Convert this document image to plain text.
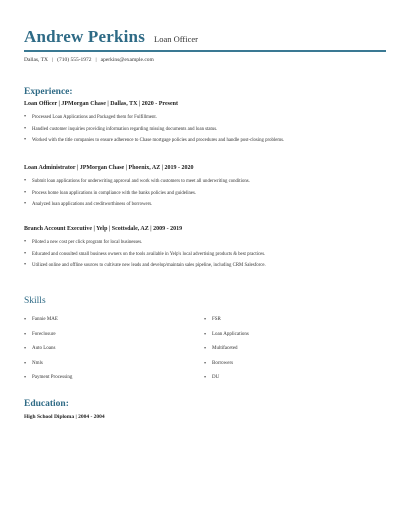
Andrew Perkins Loan Officer
Dallas, TX | (710) 555-1972 | aperkins@example.com
Experience:
Loan Officer | JPMorgan Chase | Dallas, TX | 2020 - Present
• Processed Loan Applications and Packaged them for Fulfillment.
• Handled customer inquiries providing information regarding missing documents and loan status.
• Worked with the title companies to ensure adherence to Chase mortgage policies and procedures and handle post-closing problems.
Loan Administrator | JPMorgan Chase | Phoenix, AZ | 2019 - 2020
• Submit loan applications for underwriting approval and work with customers to meet all underwriting conditions.
• Process home loan applications in compliance with the banks policies and guidelines.
• Analyzed loan applications and creditworthiness of borrowers.
Branch Account Executive | Yelp | Scottsdale, AZ | 2009 - 2019
• Piloted a new cost per click program for local businesses.
• Educated and consulted small business owners on the tools available in Yelp's local advertising products & best practices.
• Utilized online and offline sources to cultivate new leads and develop/maintain sales pipeline, including CRM Salesforce.
Skills
• Fannie MAE
• Foreclosure
• Auto Loans
• Nmls
• Payment Processing
• FSR
• Loan Applications
• Multifaceted
• Borrowers
• DU
Education:
High School Diploma | 2004 - 2004
